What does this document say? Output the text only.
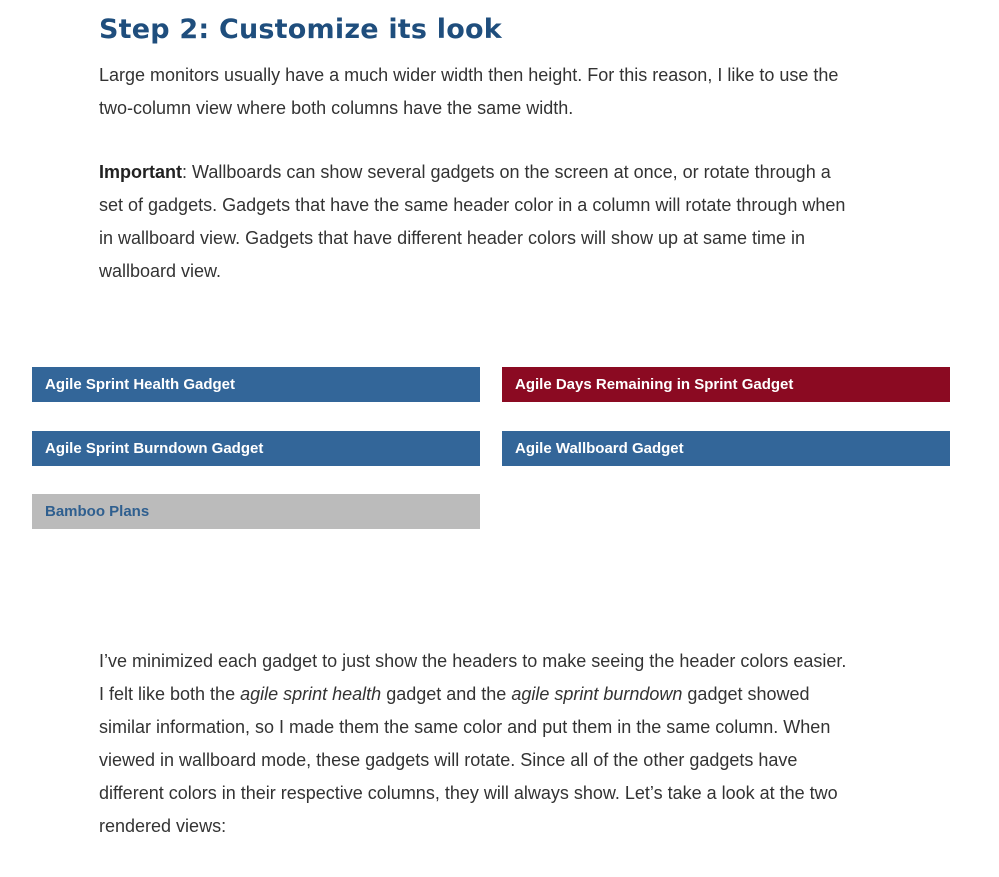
Step 2: Customize its look

Large monitors usually have a much wider width then height. For this reason, I like to use the
two-column view where both columns have the same width.

Important: Wallboards can show several gadgets on the screen at once, or rotate through a
set of gadgets. Gadgets that have the same header color in a column will rotate through when
in wallboard view. Gadgets that have different header colors will show up at same time in
wallboard view.

Agile Sprint Health Gadget
Agile Sprint Burndown Gadget
Bamboo Plans
Agile Days Remaining in Sprint Gadget
Agile Wallboard Gadget

I’ve minimized each gadget to just show the headers to make seeing the header colors easier.
I felt like both the agile sprint health gadget and the agile sprint burndown gadget showed
similar information, so I made them the same color and put them in the same column. When
viewed in wallboard mode, these gadgets will rotate. Since all of the other gadgets have
different colors in their respective columns, they will always show. Let’s take a look at the two
rendered views:
